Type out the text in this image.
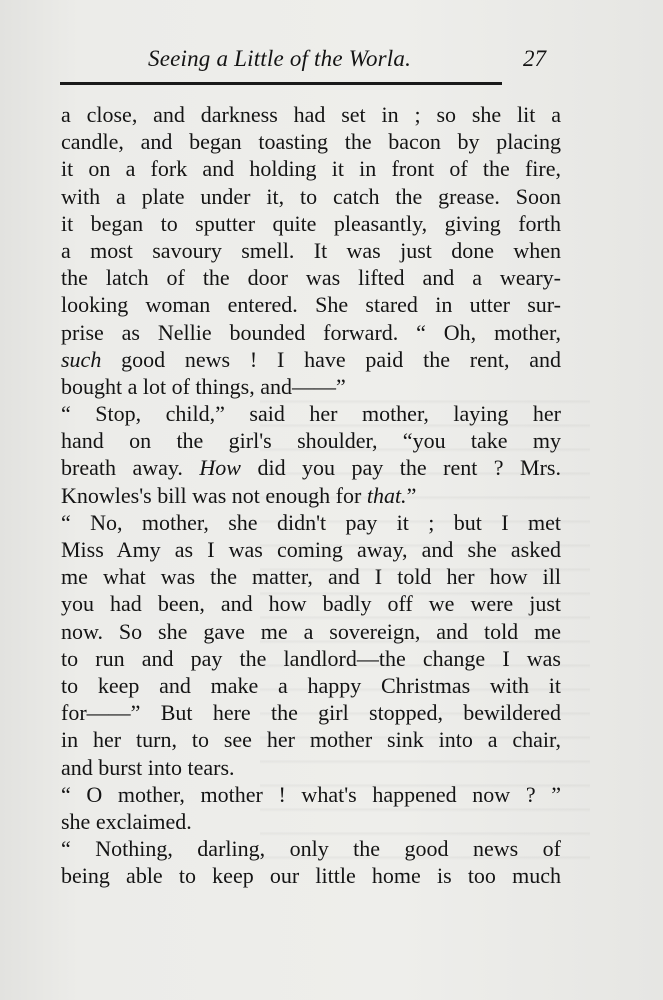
Seeing a Little of the Worla.	27
a close, and darkness had set in ; so she lit a
candle, and began toasting the bacon by placing
it on a fork and holding it in front of the fire,
with a plate under it, to catch the grease. Soon
it began to sputter quite pleasantly, giving forth
a most savoury smell. It was just done when
the latch of the door was lifted and a weary-
looking woman entered. She stared in utter sur-
prise as Nellie bounded forward. “ Oh, mother,
such good news ! I have paid the rent, and
bought a lot of things, and——”
“ Stop, child,” said her mother, laying her
hand on the girl's shoulder, “you take my
breath away. How did you pay the rent ? Mrs.
Knowles's bill was not enough for that.”
“ No, mother, she didn't pay it ; but I met
Miss Amy as I was coming away, and she asked
me what was the matter, and I told her how ill
you had been, and how badly off we were just
now. So she gave me a sovereign, and told me
to run and pay the landlord—the change I was
to keep and make a happy Christmas with it
for——” But here the girl stopped, bewildered
in her turn, to see her mother sink into a chair,
and burst into tears.
“ O mother, mother ! what's happened now ? ”
she exclaimed.
“ Nothing, darling, only the good news of
being able to keep our little home is too much
